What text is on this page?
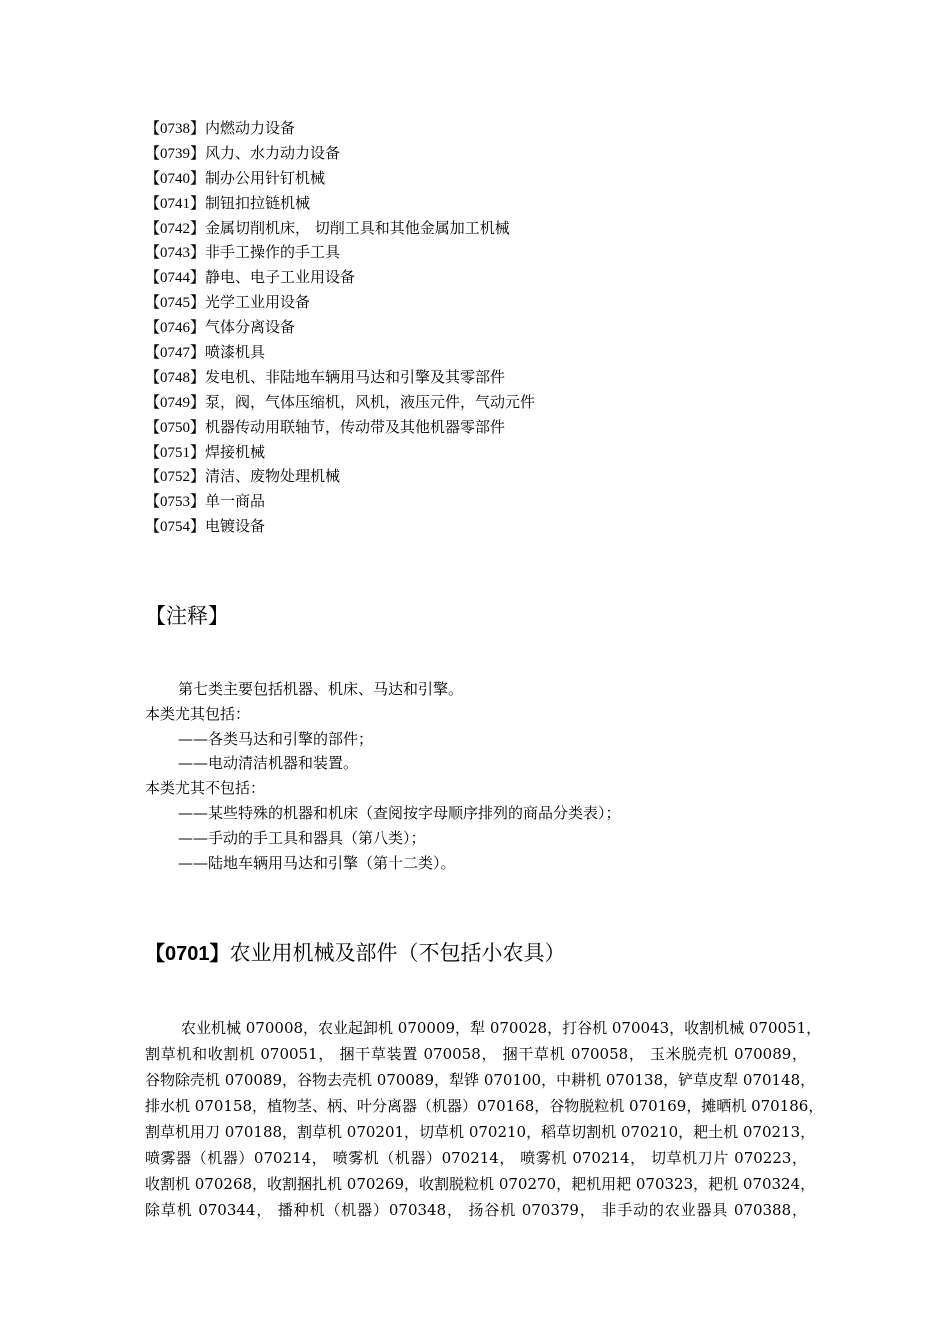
【0738】内燃动力设备
【0739】风力、水力动力设备
【0740】制办公用针钉机械
【0741】制钮扣拉链机械
【0742】金属切削机床， 切削工具和其他金属加工机械
【0743】非手工操作的手工具
【0744】静电、电子工业用设备
【0745】光学工业用设备
【0746】气体分离设备
【0747】喷漆机具
【0748】发电机、非陆地车辆用马达和引擎及其零部件
【0749】泵，阀，气体压缩机，风机，液压元件，气动元件
【0750】机器传动用联轴节，传动带及其他机器零部件
【0751】焊接机械
【0752】清洁、废物处理机械
【0753】单一商品
【0754】电镀设备
【注释】
第七类主要包括机器、机床、马达和引擎。
本类尤其包括：
——各类马达和引擎的部件；
——电动清洁机器和装置。
本类尤其不包括：
——某些特殊的机器和机床（查阅按字母顺序排列的商品分类表）；
——手动的手工具和器具（第八类）；
——陆地车辆用马达和引擎（第十二类）。
【0701】农业用机械及部件（不包括小农具）
农业机械 070008，农业起卸机 070009，犁 070028，打谷机 070043，收割机械 070051，
割草机和收割机 070051， 捆干草装置 070058， 捆干草机 070058， 玉米脱壳机 070089，
谷物除壳机 070089，谷物去壳机 070089，犁铧 070100，中耕机 070138，铲草皮犁 070148，
排水机 070158，植物茎、柄、叶分离器（机器）070168，谷物脱粒机 070169，摊晒机 070186，
割草机用刀 070188，割草机 070201，切草机 070210，稻草切割机 070210，耙土机 070213，
喷雾器（机器）070214， 喷雾机（机器）070214， 喷雾机 070214， 切草机刀片 070223，
收割机 070268，收割捆扎机 070269，收割脱粒机 070270，耙机用耙 070323，耙机 070324，
除草机 070344， 播种机（机器）070348， 扬谷机 070379， 非手动的农业器具 070388，
